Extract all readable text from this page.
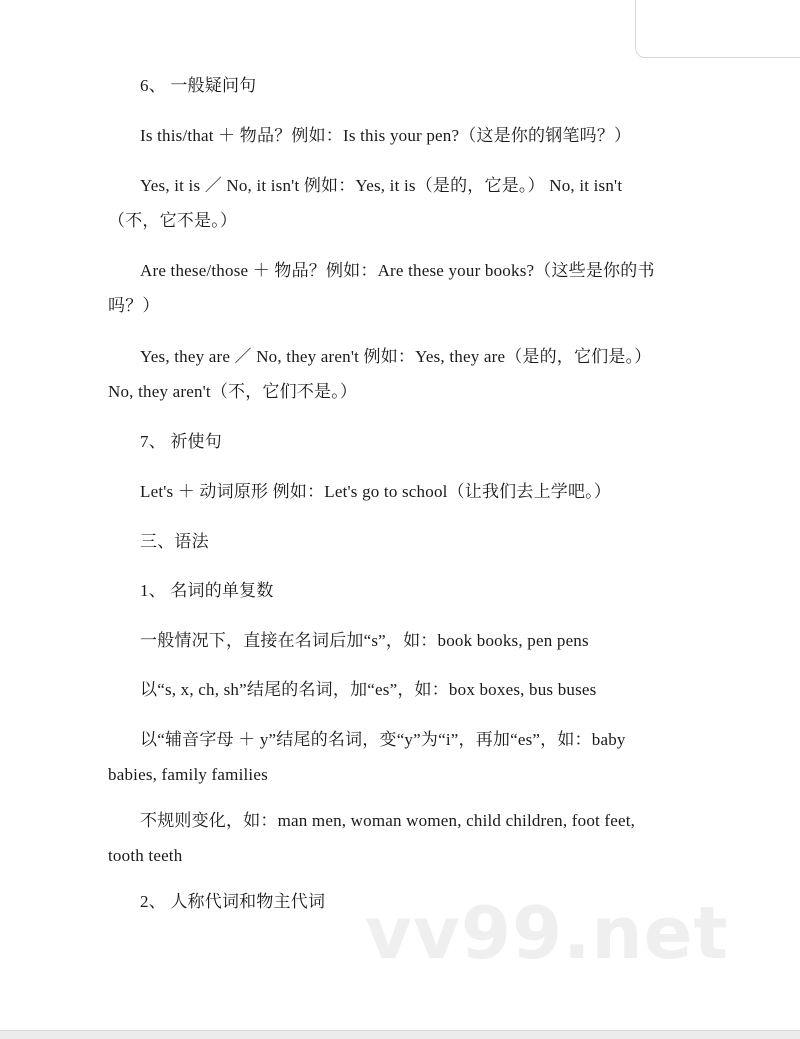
6、 一般疑问句
Is this/that ＋ 物品？例如：Is this your pen?（这是你的钢笔吗？）
Yes, it is ／ No, it isn't 例如：Yes, it is（是的，它是。） No, it isn't（不，它不是。）
Are these/those ＋ 物品？例如：Are these your books?（这些是你的书吗？）
Yes, they are ／ No, they aren't 例如：Yes, they are（是的，它们是。） No, they aren't（不，它们不是。）
7、 祈使句
Let's ＋ 动词原形 例如：Let's go to school（让我们去上学吧。）
三、语法
1、 名词的单复数
一般情况下，直接在名词后加“s”，如：book books, pen pens
以“s, x, ch, sh”结尾的名词，加“es”，如：box boxes, bus buses
以“辅音字母 ＋ y”结尾的名词，变“y”为“i”，再加“es”，如：baby babies, family families
不规则变化，如：man men, woman women, child children, foot feet, tooth teeth
2、 人称代词和物主代词 vv99.net
